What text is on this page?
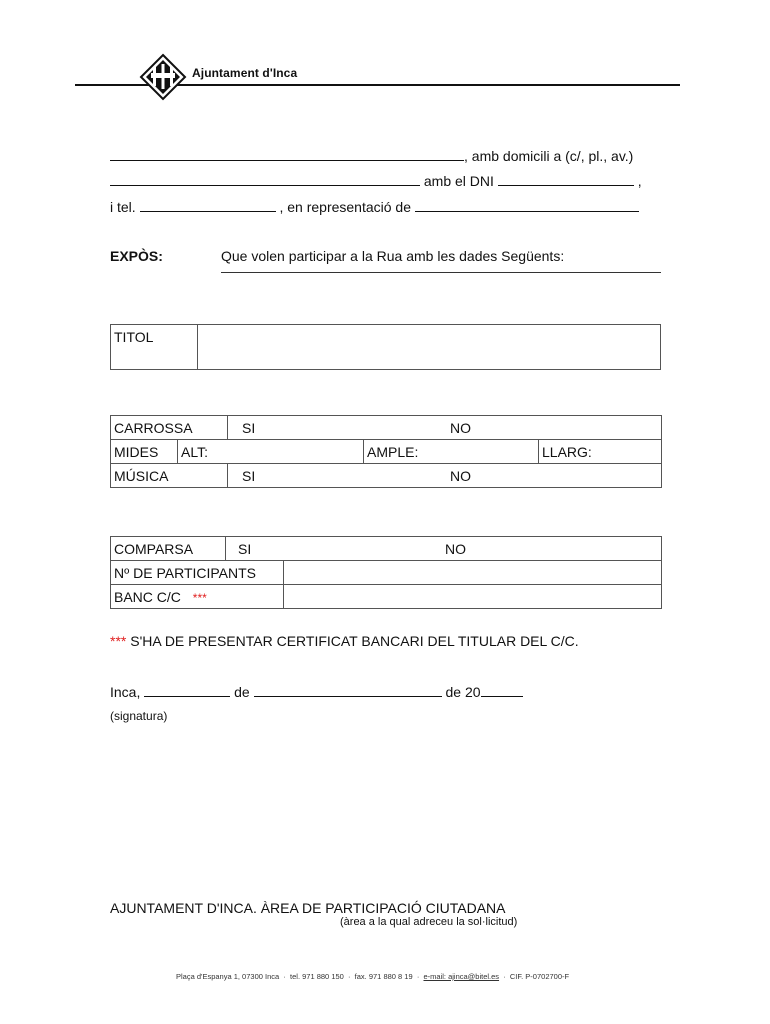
Ajuntament d'Inca
, amb domicili a (c/, pl., av.)
amb el DNI	,
i tel.	, en representació de
EXPÒS:	Que volen participar a la Rua amb les dades Següents:
TITOL	
CARROSSA		SI NO		

MIDES	ALT:		AMPLE:	LLARG:
MÚSICA		SI NO		
COMPARSA	SI NO	

Nº DE PARTICIPANTS		
BANC C/C ***		
*** S'HA DE PRESENTAR CERTIFICAT BANCARI DEL TITULAR DEL C/C.
Inca,	de	de 20
(signatura)
AJUNTAMENT D'INCA. ÀREA DE PARTICIPACIÓ CIUTADANA
(àrea a la qual adreceu la sol·licitud)
Plaça d'Espanya 1, 07300 Inca · tel. 971 880 150 · fax. 971 880 8 19 · e-mail: ajinca@bitel.es · CIF. P-0702700-F
